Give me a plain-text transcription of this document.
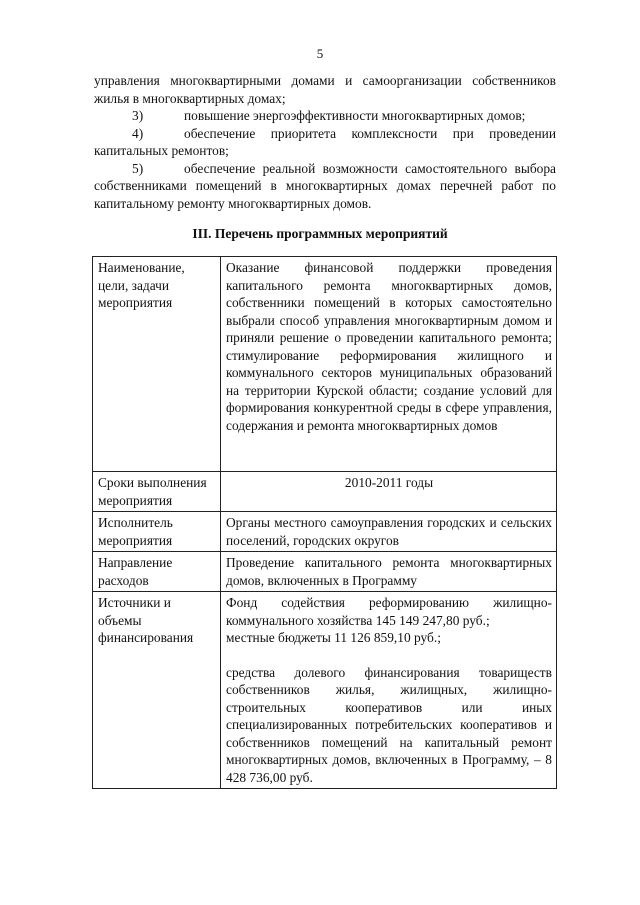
5

управления многоквартирными домами и самоорганизации собственников жилья в многоквартирных домах;

3)	повышение энергоэффективности многоквартирных домов;

4)	обеспечение приоритета комплексности при проведении капитальных ремонтов;

5)	обеспечение реальной возможности самостоятельного выбора собственниками помещений в многоквартирных домах перечней работ по капитальному ремонту многоквартирных домов.

III. Перечень программных мероприятий
Наименование, цели, задачи мероприятия	Оказание финансовой поддержки проведения капитального ремонта многоквартирных домов, собственники помещений в которых самостоятельно выбрали способ управления многоквартирным домом и приняли решение о проведении капитального ремонта; стимулирование реформирования жилищного и коммунального секторов муниципальных образований на территории Курской области; создание условий для формирования конкурентной среды в сфере управления, содержания и ремонта многоквартирных домов
Сроки выполнения мероприятия	2010-2011 годы
Исполнитель мероприятия	Органы местного самоуправления городских и сельских поселений, городских округов
Направление расходов	Проведение капитального ремонта многоквартирных домов, включенных в Программу
Источники и объемы финансирования	Фонд содействия реформированию жилищно-коммунального хозяйства 145 149 247,80 руб.;
местные бюджеты 11 126 859,10 руб.;
средства долевого финансирования товариществ собственников жилья, жилищных, жилищно-строительных кооперативов или иных специализированных потребительских кооперативов и собственников помещений на капитальный ремонт многоквартирных домов, включенных в Программу, – 8 428 736,00 руб.
